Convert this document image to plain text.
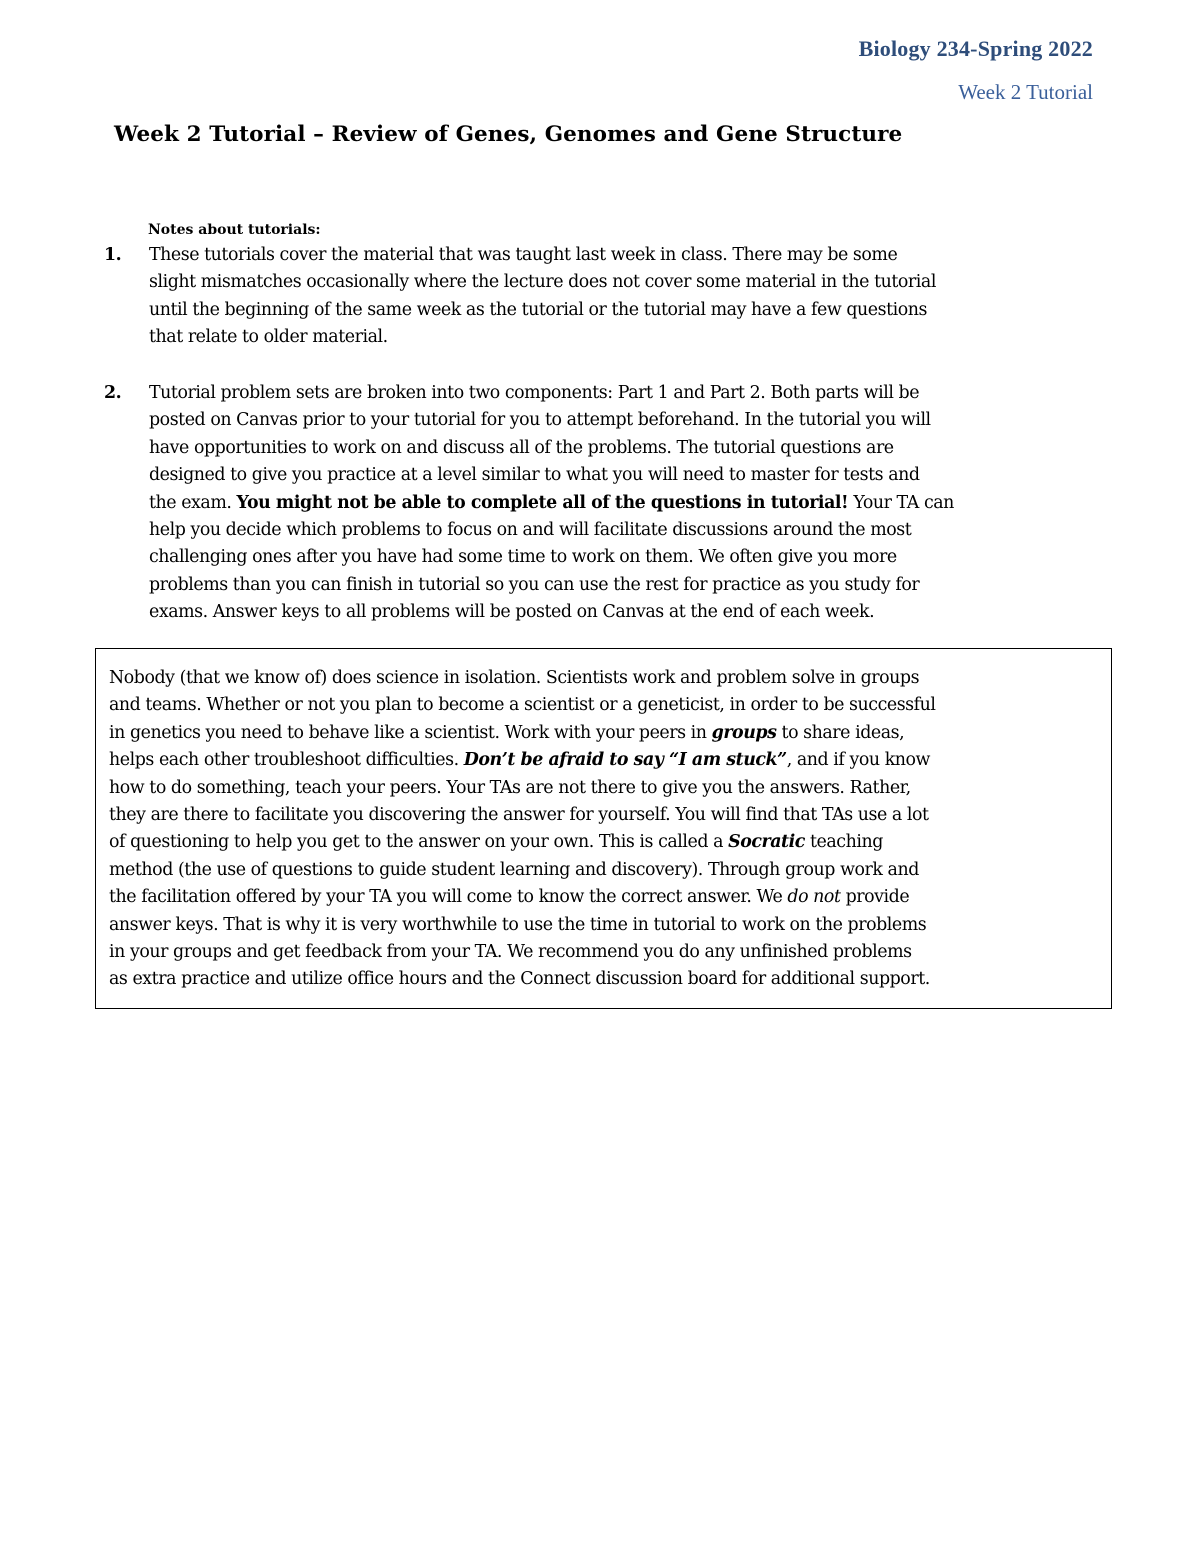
Biology 234-Spring 2022
Week 2 Tutorial
Week 2 Tutorial – Review of Genes, Genomes and Gene Structure
Notes about tutorials:
1.	These tutorials cover the material that was taught last week in class. There may be some
slight mismatches occasionally where the lecture does not cover some material in the tutorial
until the beginning of the same week as the tutorial or the tutorial may have a few questions
that relate to older material.
2.	Tutorial problem sets are broken into two components: Part 1 and Part 2. Both parts will be
posted on Canvas prior to your tutorial for you to attempt beforehand. In the tutorial you will
have opportunities to work on and discuss all of the problems. The tutorial questions are
designed to give you practice at a level similar to what you will need to master for tests and
the exam. You might not be able to complete all of the questions in tutorial! Your TA can
help you decide which problems to focus on and will facilitate discussions around the most
challenging ones after you have had some time to work on them. We often give you more
problems than you can finish in tutorial so you can use the rest for practice as you study for
exams. Answer keys to all problems will be posted on Canvas at the end of each week.
Nobody (that we know of) does science in isolation. Scientists work and problem solve in groups
and teams. Whether or not you plan to become a scientist or a geneticist, in order to be successful
in genetics you need to behave like a scientist. Work with your peers in groups to share ideas,
helps each other troubleshoot difficulties. Don’t be afraid to say “I am stuck”, and if you know
how to do something, teach your peers. Your TAs are not there to give you the answers. Rather,
they are there to facilitate you discovering the answer for yourself. You will find that TAs use a lot
of questioning to help you get to the answer on your own. This is called a Socratic teaching
method (the use of questions to guide student learning and discovery). Through group work and
the facilitation offered by your TA you will come to know the correct answer. We do not provide
answer keys. That is why it is very worthwhile to use the time in tutorial to work on the problems
in your groups and get feedback from your TA. We recommend you do any unfinished problems
as extra practice and utilize office hours and the Connect discussion board for additional support.
